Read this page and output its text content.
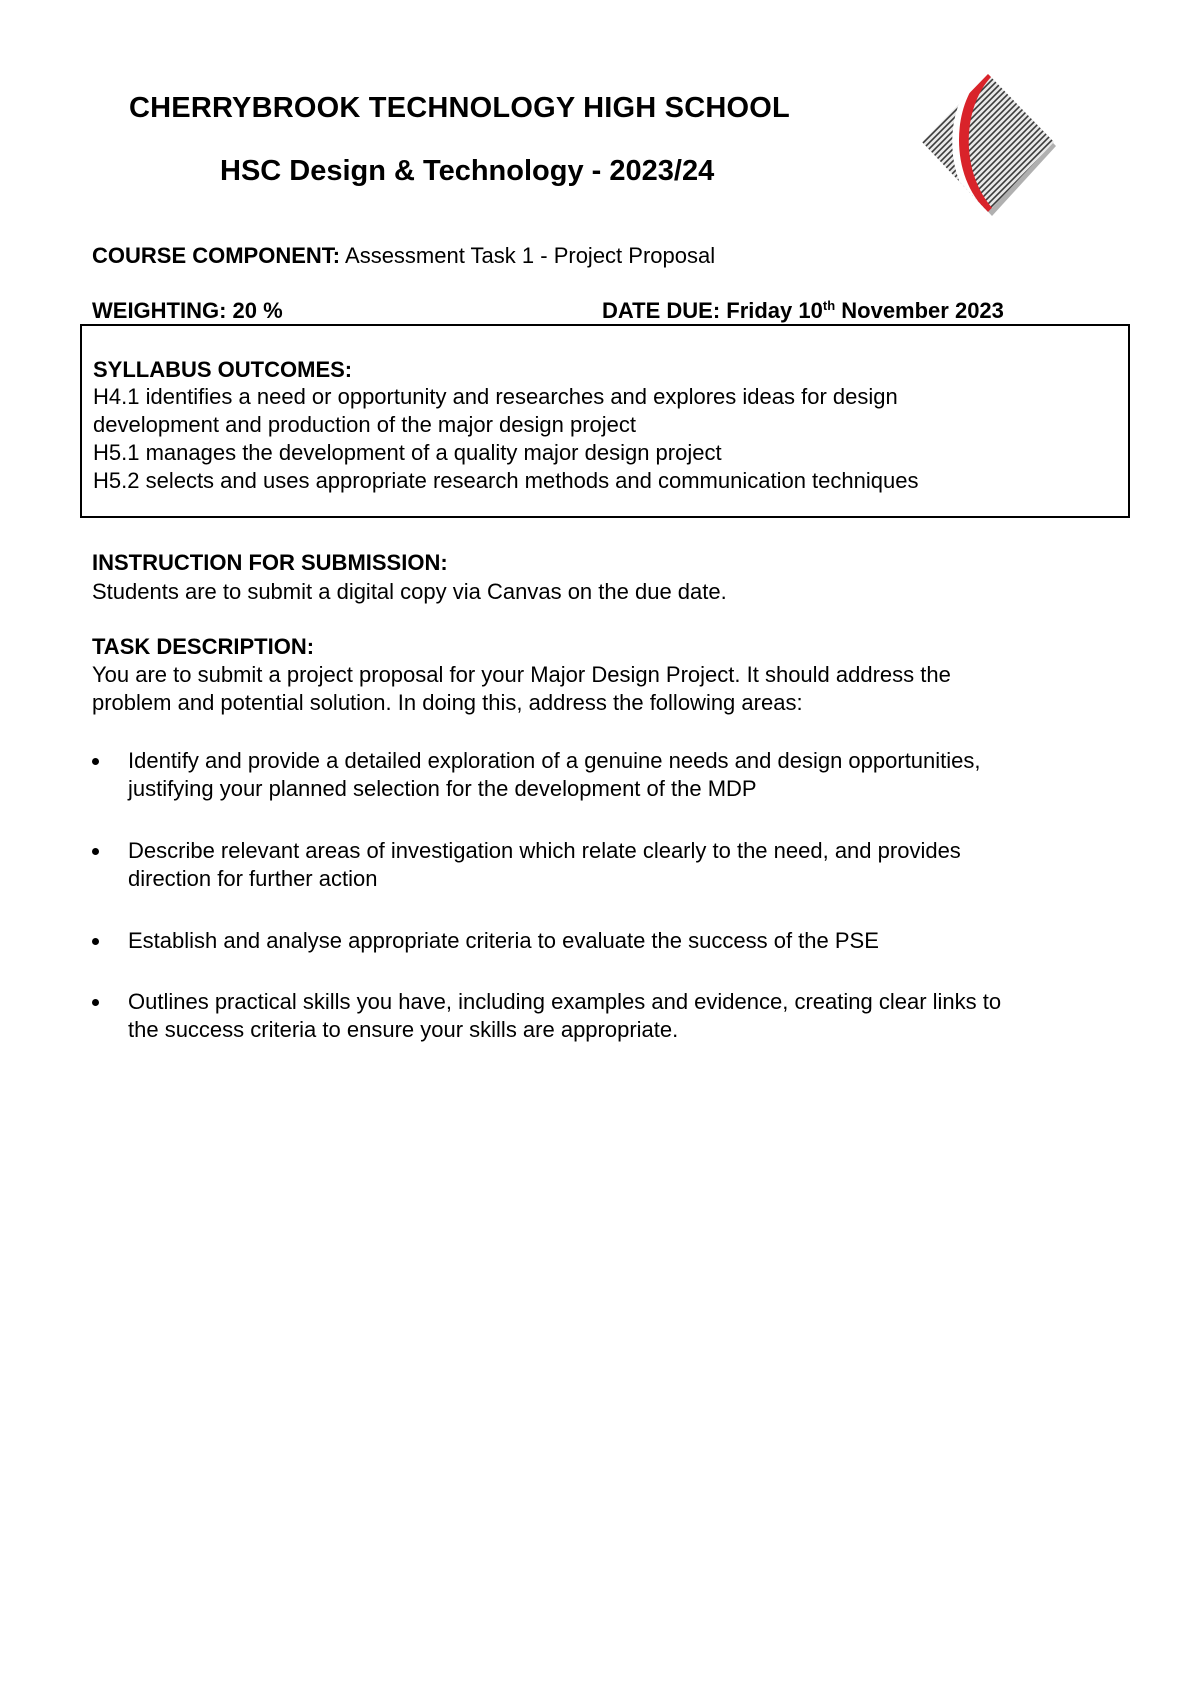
CHERRYBROOK TECHNOLOGY HIGH SCHOOL
HSC Design & Technology - 2023/24
COURSE COMPONENT: Assessment Task 1 - Project Proposal
WEIGHTING: 20 %	DATE DUE: Friday 10th November 2023
SYLLABUS OUTCOMES:
H4.1 identifies a need or opportunity and researches and explores ideas for design
development and production of the major design project
H5.1 manages the development of a quality major design project
H5.2 selects and uses appropriate research methods and communication techniques
INSTRUCTION FOR SUBMISSION:
Students are to submit a digital copy via Canvas on the due date.
TASK DESCRIPTION:
You are to submit a project proposal for your Major Design Project. It should address the
problem and potential solution. In doing this, address the following areas:
Identify and provide a detailed exploration of a genuine needs and design opportunities,
justifying your planned selection for the development of the MDP
Describe relevant areas of investigation which relate clearly to the need, and provides
direction for further action
Establish and analyse appropriate criteria to evaluate the success of the PSE
Outlines practical skills you have, including examples and evidence, creating clear links to
the success criteria to ensure your skills are appropriate.
